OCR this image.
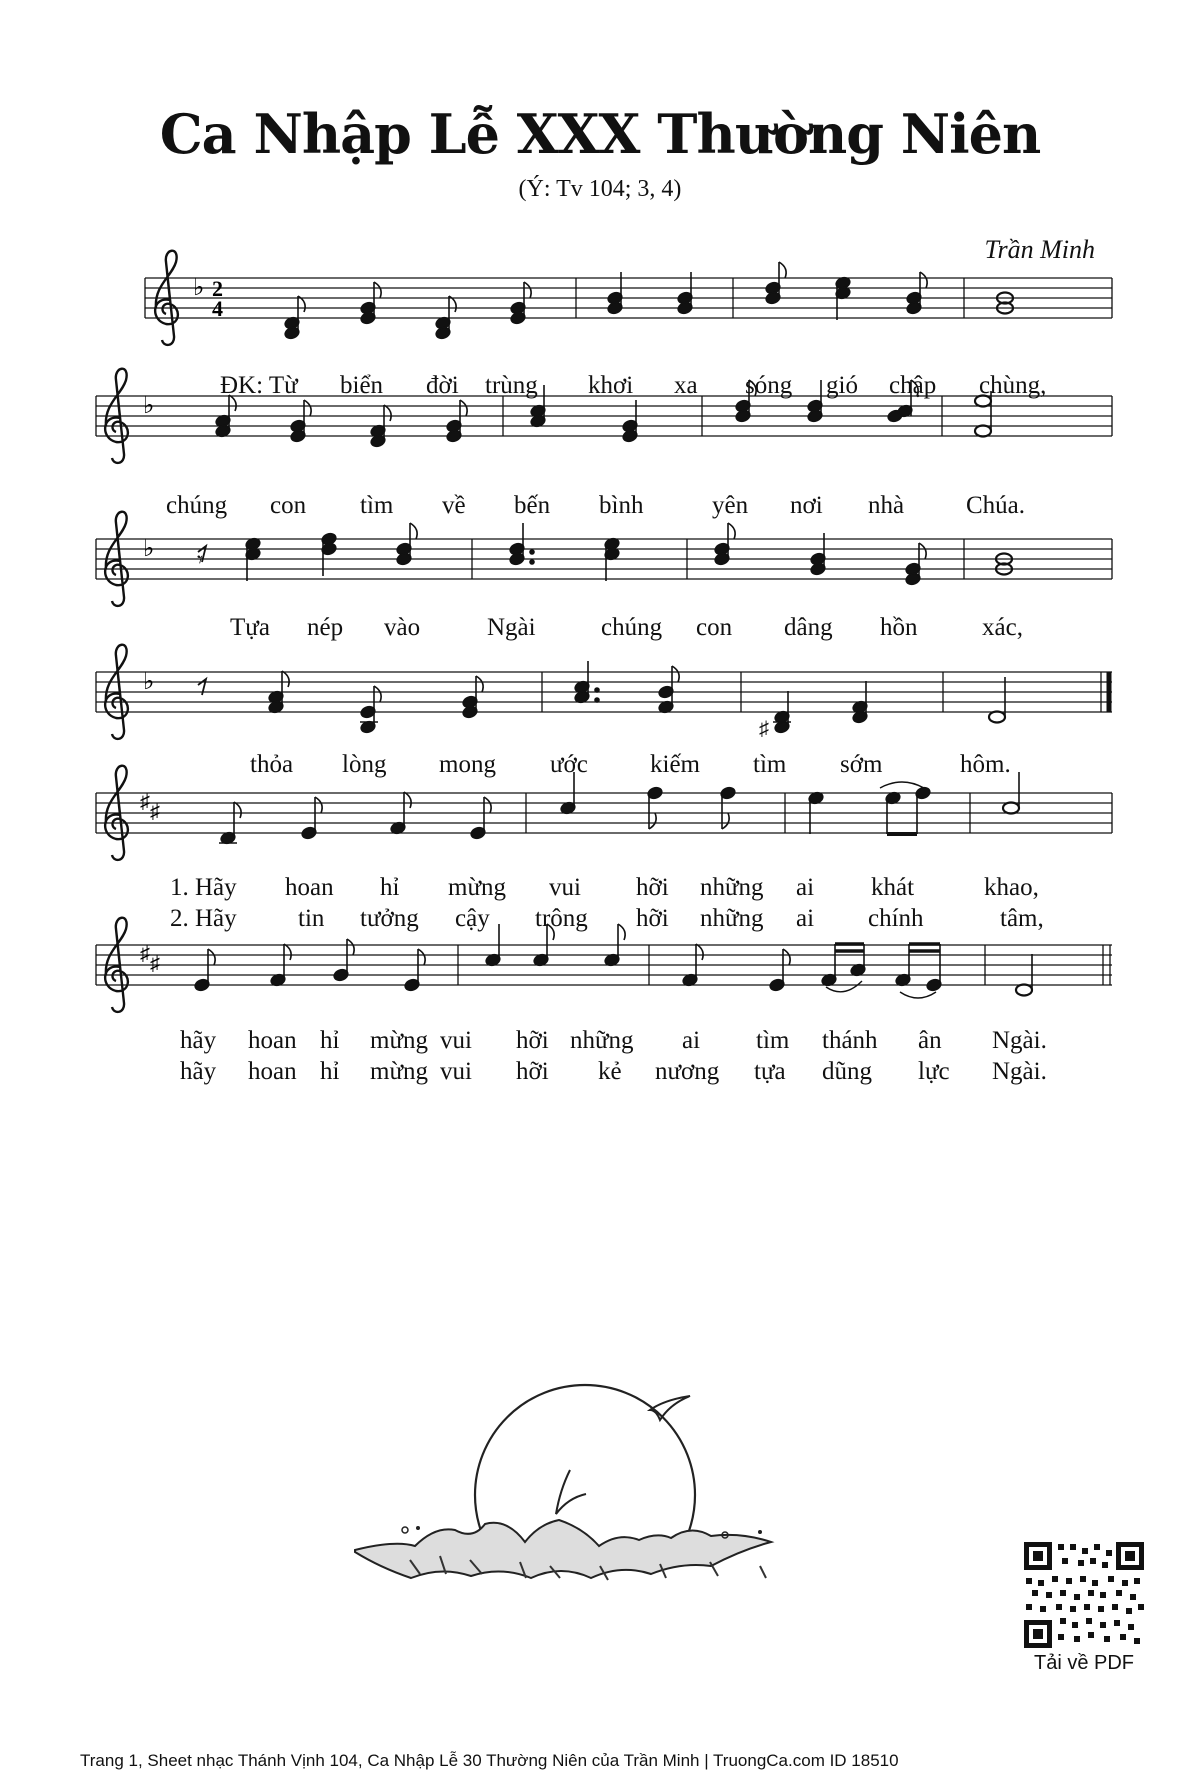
Ca Nhập Lễ XXX Thường Niên
(Ý: Tv 104; 3, 4)
Trần Minh
♭ 2
4
♭
♭ 𝄾
♭
♯
♯ ♯
♯ ♯
ĐK: Từ biển đời trùng khơi xa sóng gió chập chùng,
chúng con tìm về bến bình	yên nơi nhà Chúa.
Tựa nép vào	Ngài	chúng con dâng hồn	xác,
thỏa lòng mong ước kiếm tìm sớm	hôm.
1. Hãy hoan hỉ mừng vui hỡi những ai khát	khao,
2. Hãy tin tưởng cậy trông hỡi những ai chính	tâm,
hãy hoan hỉ mừng vui hỡi những ai tìm thánh ân Ngài.
hãy hoan hỉ mừng vui hỡi kẻ nương tựa dũng lực Ngài.
Tải về PDF
Trang 1, Sheet nhạc Thánh Vịnh 104, Ca Nhập Lễ 30 Thường Niên của Trần Minh | TruongCa.com ID 18510
